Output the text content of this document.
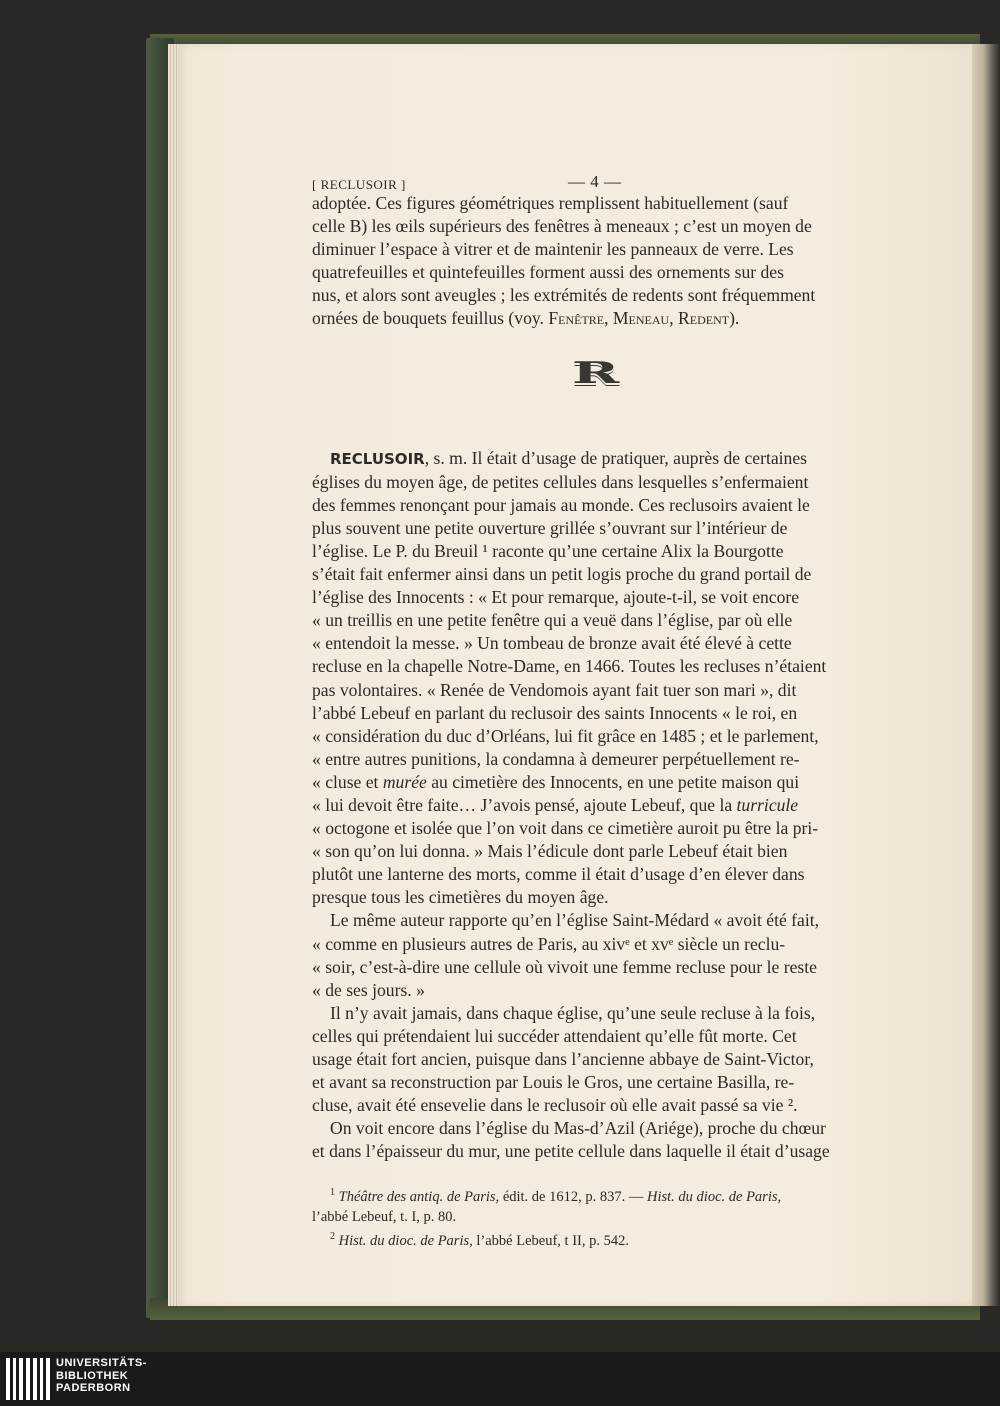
[ RECLUSOIR ]	— 4 —
adoptée. Ces figures géométriques remplissent habituellement (sauf
celle B) les œils supérieurs des fenêtres à meneaux ; c’est un moyen de
diminuer l’espace à vitrer et de maintenir les panneaux de verre. Les
quatrefeuilles et quintefeuilles forment aussi des ornements sur des
nus, et alors sont aveugles ; les extrémités de redents sont fréquemment
ornées de bouquets feuillus (voy. Fenêtre, Meneau, Redent).
R
RECLUSOIR, s. m. Il était d’usage de pratiquer, auprès de certaines
églises du moyen âge, de petites cellules dans lesquelles s’enfermaient
des femmes renonçant pour jamais au monde. Ces reclusoirs avaient le
plus souvent une petite ouverture grillée s’ouvrant sur l’intérieur de
l’église. Le P. du Breuil ¹ raconte qu’une certaine Alix la Bourgotte
s’était fait enfermer ainsi dans un petit logis proche du grand portail de
l’église des Innocents : « Et pour remarque, ajoute-t-il, se voit encore
« un treillis en une petite fenêtre qui a veuë dans l’église, par où elle
« entendoit la messe. » Un tombeau de bronze avait été élevé à cette
recluse en la chapelle Notre-Dame, en 1466. Toutes les recluses n’étaient
pas volontaires. « Renée de Vendomois ayant fait tuer son mari », dit
l’abbé Lebeuf en parlant du reclusoir des saints Innocents « le roi, en
« considération du duc d’Orléans, lui fit grâce en 1485 ; et le parlement,
« entre autres punitions, la condamna à demeurer perpétuellement re-
« cluse et murée au cimetière des Innocents, en une petite maison qui
« lui devoit être faite… J’avois pensé, ajoute Lebeuf, que la turricule
« octogone et isolée que l’on voit dans ce cimetière auroit pu être la pri-
« son qu’on lui donna. » Mais l’édicule dont parle Lebeuf était bien
plutôt une lanterne des morts, comme il était d’usage d’en élever dans
presque tous les cimetières du moyen âge.
Le même auteur rapporte qu’en l’église Saint-Médard « avoit été fait,
« comme en plusieurs autres de Paris, au xivᵉ et xvᵉ siècle un reclu-
« soir, c’est-à-dire une cellule où vivoit une femme recluse pour le reste
« de ses jours. »
Il n’y avait jamais, dans chaque église, qu’une seule recluse à la fois,
celles qui prétendaient lui succéder attendaient qu’elle fût morte. Cet
usage était fort ancien, puisque dans l’ancienne abbaye de Saint-Victor,
et avant sa reconstruction par Louis le Gros, une certaine Basilla, re-
cluse, avait été ensevelie dans le reclusoir où elle avait passé sa vie ².
On voit encore dans l’église du Mas-d’Azil (Ariége), proche du chœur
et dans l’épaisseur du mur, une petite cellule dans laquelle il était d’usage
$^1$ Théâtre des antiq. de Paris, édit. de 1612, p. 837. — Hist. du dioc. de Paris,
l’abbé Lebeuf, t. I, p. 80.
$^2$ Hist. du dioc. de Paris, l’abbé Lebeuf, t II, p. 542.
UNIVERSITÄTS-
BIBLIOTHEK
PADERBORN
